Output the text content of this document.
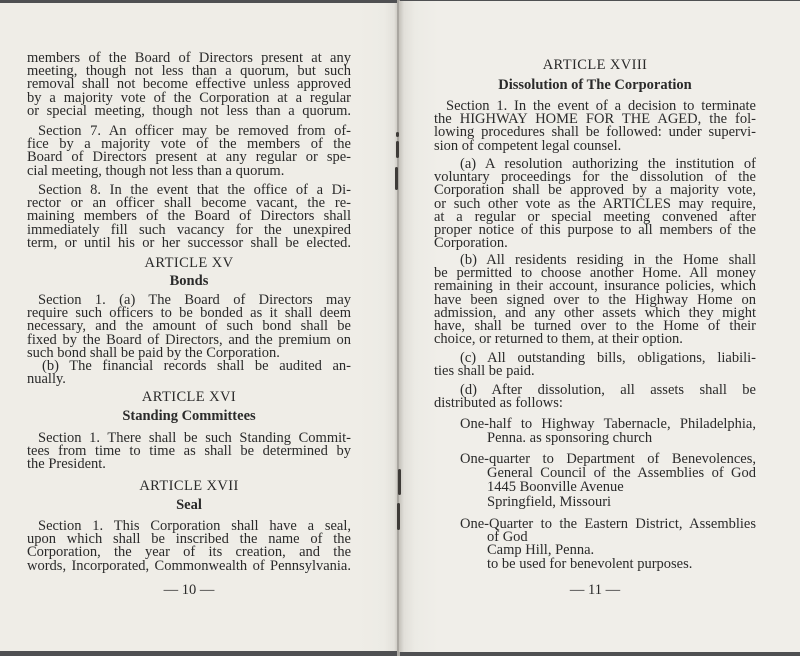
members of the Board of Directors present at any
meeting, though not less than a quorum, but such
removal shall not become effective unless approved
by a majority vote of the Corporation at a regular
or special meeting, though not less than a quorum.
Section 7. An officer may be removed from of-
fice by a majority vote of the members of the
Board of Directors present at any regular or spe-
cial meeting, though not less than a quorum.
Section 8. In the event that the office of a Di-
rector or an officer shall become vacant, the re-
maining members of the Board of Directors shall
immediately fill such vacancy for the unexpired
term, or until his or her successor shall be elected.
ARTICLE XV
Bonds
Section 1. (a) The Board of Directors may
require such officers to be bonded as it shall deem
necessary, and the amount of such bond shall be
fixed by the Board of Directors, and the premium on
such bond shall be paid by the Corporation.
(b) The financial records shall be audited an-
nually.
ARTICLE XVI
Standing Committees
Section 1. There shall be such Standing Commit-
tees from time to time as shall be determined by
the President.
ARTICLE XVII
Seal
Section 1. This Corporation shall have a seal,
upon which shall be inscribed the name of the
Corporation, the year of its creation, and the
words, Incorporated, Commonwealth of Pennsylvania.
— 10 —
ARTICLE XVIII
Dissolution of The Corporation
Section 1. In the event of a decision to terminate
the HIGHWAY HOME FOR THE AGED, the fol-
lowing procedures shall be followed: under supervi-
sion of competent legal counsel.
(a) A resolution authorizing the institution of
voluntary proceedings for the dissolution of the
Corporation shall be approved by a majority vote,
or such other vote as the ARTICLES may require,
at a regular or special meeting convened after
proper notice of this purpose to all members of the
Corporation.
(b) All residents residing in the Home shall
be permitted to choose another Home. All money
remaining in their account, insurance policies, which
have been signed over to the Highway Home on
admission, and any other assets which they might
have, shall be turned over to the Home of their
choice, or returned to them, at their option.
(c) All outstanding bills, obligations, liabili-
ties shall be paid.
(d) After dissolution, all assets shall be
distributed as follows:
One-half to Highway Tabernacle, Philadelphia,
Penna. as sponsoring church
One-quarter to Department of Benevolences,
General Council of the Assemblies of God
1445 Boonville Avenue
Springfield, Missouri
One-Quarter to the Eastern District, Assemblies
of God
Camp Hill, Penna.
to be used for benevolent purposes.
— 11 —
